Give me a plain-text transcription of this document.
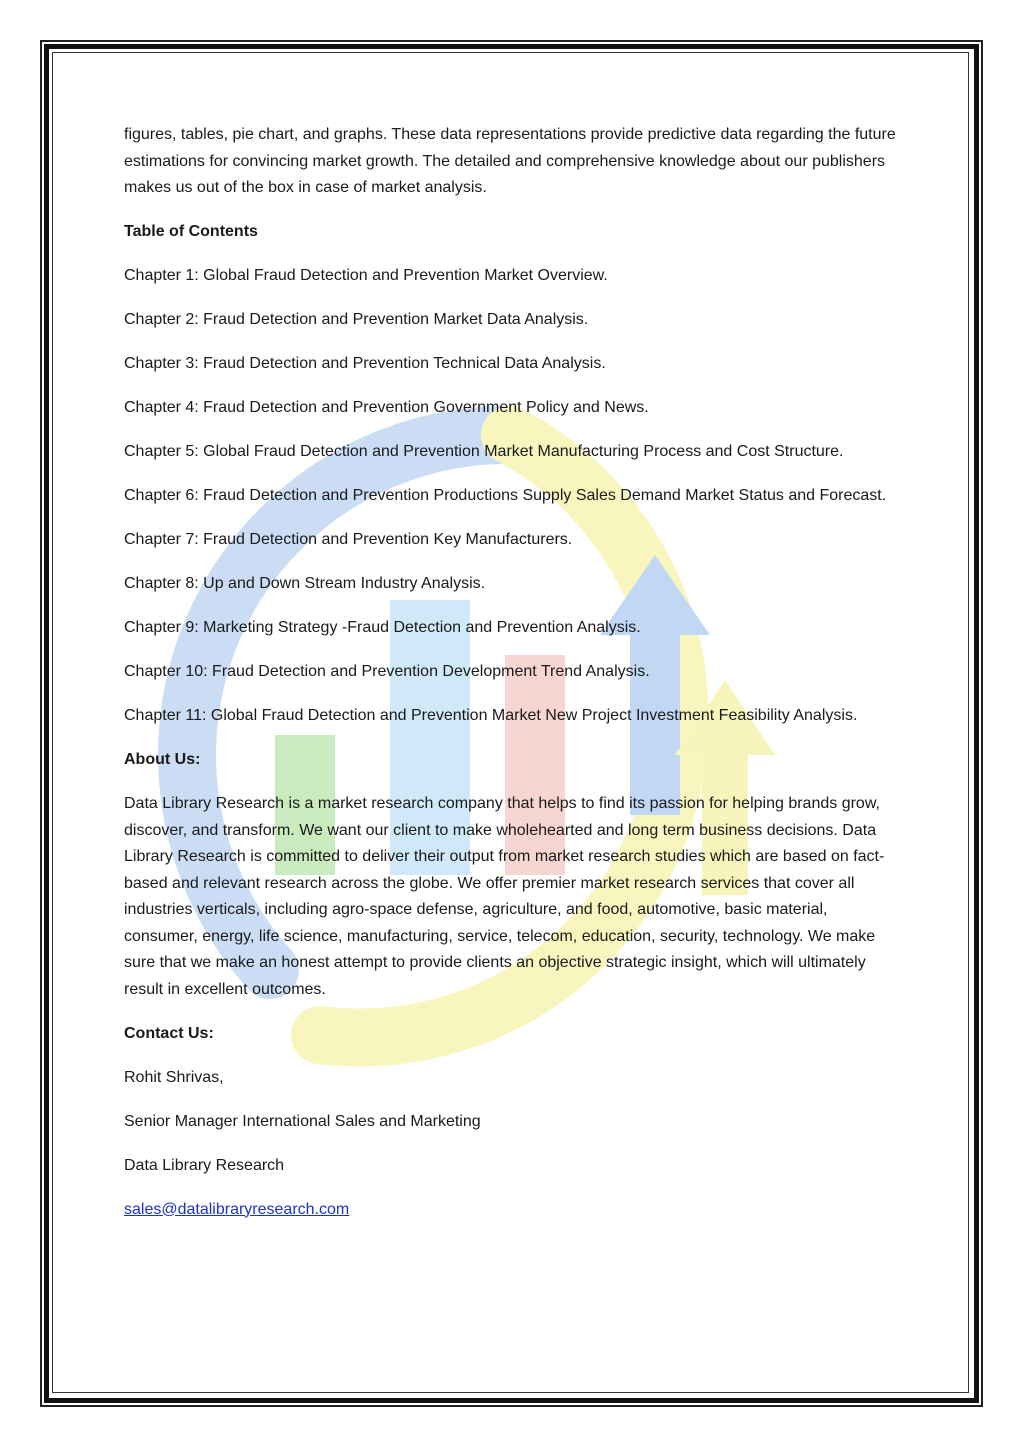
figures, tables, pie chart, and graphs. These data representations provide predictive data regarding the future estimations for convincing market growth. The detailed and comprehensive knowledge about our publishers makes us out of the box in case of market analysis.

Table of Contents

Chapter 1: Global Fraud Detection and Prevention Market Overview.

Chapter 2: Fraud Detection and Prevention Market Data Analysis.

Chapter 3: Fraud Detection and Prevention Technical Data Analysis.

Chapter 4: Fraud Detection and Prevention Government Policy and News.

Chapter 5: Global Fraud Detection and Prevention Market Manufacturing Process and Cost Structure.

Chapter 6: Fraud Detection and Prevention Productions Supply Sales Demand Market Status and Forecast.

Chapter 7: Fraud Detection and Prevention Key Manufacturers.

Chapter 8: Up and Down Stream Industry Analysis.

Chapter 9: Marketing Strategy -Fraud Detection and Prevention Analysis.

Chapter 10: Fraud Detection and Prevention Development Trend Analysis.

Chapter 11: Global Fraud Detection and Prevention Market New Project Investment Feasibility Analysis.

About Us:

Data Library Research is a market research company that helps to find its passion for helping brands grow, discover, and transform. We want our client to make wholehearted and long term business decisions. Data Library Research is committed to deliver their output from market research studies which are based on fact-based and relevant research across the globe. We offer premier market research services that cover all industries verticals, including agro-space defense, agriculture, and food, automotive, basic material, consumer, energy, life science, manufacturing, service, telecom, education, security, technology. We make sure that we make an honest attempt to provide clients an objective strategic insight, which will ultimately result in excellent outcomes.

Contact Us:

Rohit Shrivas,

Senior Manager International Sales and Marketing

Data Library Research

sales@datalibraryresearch.com
